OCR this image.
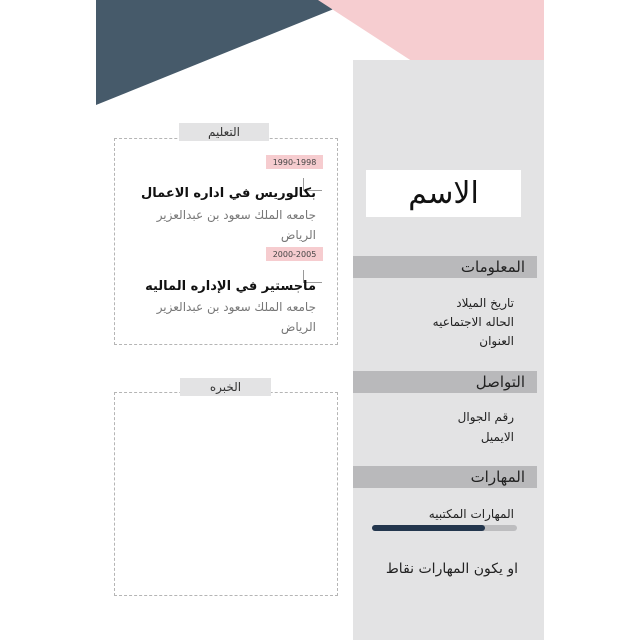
الاسم
المعلومات
تاريخ الميلاد
الحاله الاجتماعيه
العنوان
التواصل
رقم الجوال
الايميل
المهارات
المهارات المكتبيه
او يكون المهارات نقاط
التعليم
1990-1998
بكالوريس في اداره الاعمال
جامعه الملك سعود بن عبدالعزير
الرياض
2000-2005
ماجستير في الإداره الماليه
جامعه الملك سعود بن عبدالعزير
الرياض
الخبره
